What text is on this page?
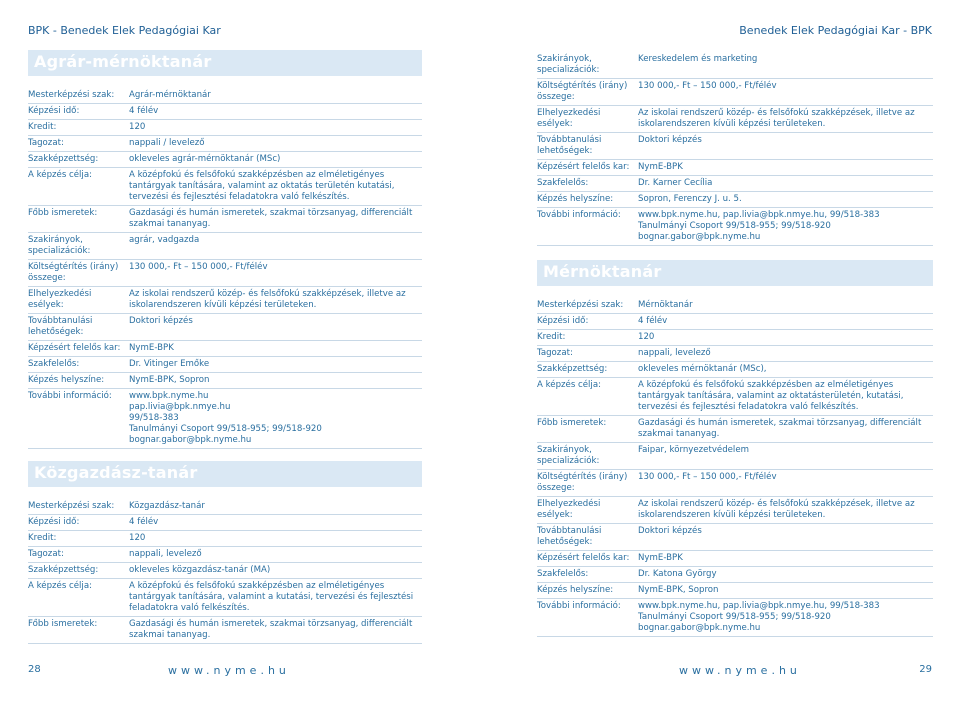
BPK - Benedek Elek Pedagógiai Kar	Benedek Elek Pedagógiai Kar - BPK
Agrár-mérnöktanár
Mesterképzési szak:	Agrár-mérnöktanár
Képzési idő:	4 félév
Kredit:	120
Tagozat:	nappali / levelező
Szakképzettség:	okleveles agrár-mérnöktanár (MSc)
A képzés célja:	A középfokú és felsőfokú szakképzésben az elméletigényes tantárgyak tanítására, valamint az oktatás területén kutatási, tervezési és fejlesztési feladatokra való felkészítés.
Főbb ismeretek:	Gazdasági és humán ismeretek, szakmai törzsanyag, differenciált szakmai tananyag.
Szakirányok, specializációk:
agrár, vadgazda
Költségtérítés (irány) összege:
130 000,- Ft – 150 000,- Ft/félév
Elhelyezkedési esélyek:
Az iskolai rendszerű közép- és felsőfokú szakképzések, illetve az iskolarendszeren kívüli képzési területeken.
Továbbtanulási lehetőségek:
Doktori képzés
Képzésért felelős kar:	NymE-BPK
Szakfelelős:	Dr. Vitinger Emőke
Képzés helyszíne:	NymE-BPK, Sopron
További információ:	www.bpk.nyme.hu
pap.livia@bpk.nmye.hu
99/518-383
Tanulmányi Csoport 99/518-955; 99/518-920
bognar.gabor@bpk.nyme.hu
Közgazdász-tanár
Mesterképzési szak:	Közgazdász-tanár
Képzési idő:	4 félév
Kredit:	120
Tagozat:	nappali, levelező
Szakképzettség:	okleveles közgazdász-tanár (MA)
A képzés célja:	A középfokú és felsőfokú szakképzésben az elméletigényes tantárgyak tanítására, valamint a kutatási, tervezési és fejlesztési feladatokra való felkészítés.
Főbb ismeretek:	Gazdasági és humán ismeretek, szakmai törzsanyag, differenciált szakmai tananyag.
Szakirányok, specializációk:
Kereskedelem és marketing
Költségtérítés (irány) összege:
130 000,- Ft – 150 000,- Ft/félév
Elhelyezkedési esélyek:
Az iskolai rendszerű közép- és felsőfokú szakképzések, illetve az iskolarendszeren kívüli képzési területeken.
Továbbtanulási lehetőségek:
Doktori képzés
Képzésért felelős kar:	NymE-BPK
Szakfelelős:	Dr. Karner Cecília
Képzés helyszíne:	Sopron, Ferenczy J. u. 5.
További információ:	www.bpk.nyme.hu, pap.livia@bpk.nmye.hu, 99/518-383
Tanulmányi Csoport 99/518-955; 99/518-920
bognar.gabor@bpk.nyme.hu
Mérnöktanár
Mesterképzési szak:	Mérnöktanár
Képzési idő:	4 félév
Kredit:	120
Tagozat:	nappali, levelező
Szakképzettség:	okleveles mérnöktanár (MSc),
A képzés célja:	A középfokú és felsőfokú szakképzésben az elméletigényes tantárgyak tanítására, valamint az oktatásterületén, kutatási, tervezési és fejlesztési feladatokra való felkészítés.
Főbb ismeretek:	Gazdasági és humán ismeretek, szakmai törzsanyag, differenciált szakmai tananyag.
Szakirányok, specializációk:
Faipar, környezetvédelem
Költségtérítés (irány) összege:
130 000,- Ft – 150 000,- Ft/félév
Elhelyezkedési esélyek:
Az iskolai rendszerű közép- és felsőfokú szakképzések, illetve az iskolarendszeren kívüli képzési területeken.
Továbbtanulási lehetőségek:
Doktori képzés
Képzésért felelős kar:	NymE-BPK
Szakfelelős:	Dr. Katona György
Képzés helyszíne:	NymE-BPK, Sopron
További információ:	www.bpk.nyme.hu, pap.livia@bpk.nmye.hu, 99/518-383
Tanulmányi Csoport 99/518-955; 99/518-920
bognar.gabor@bpk.nyme.hu
28	www.nyme.hu	www.nyme.hu	29
